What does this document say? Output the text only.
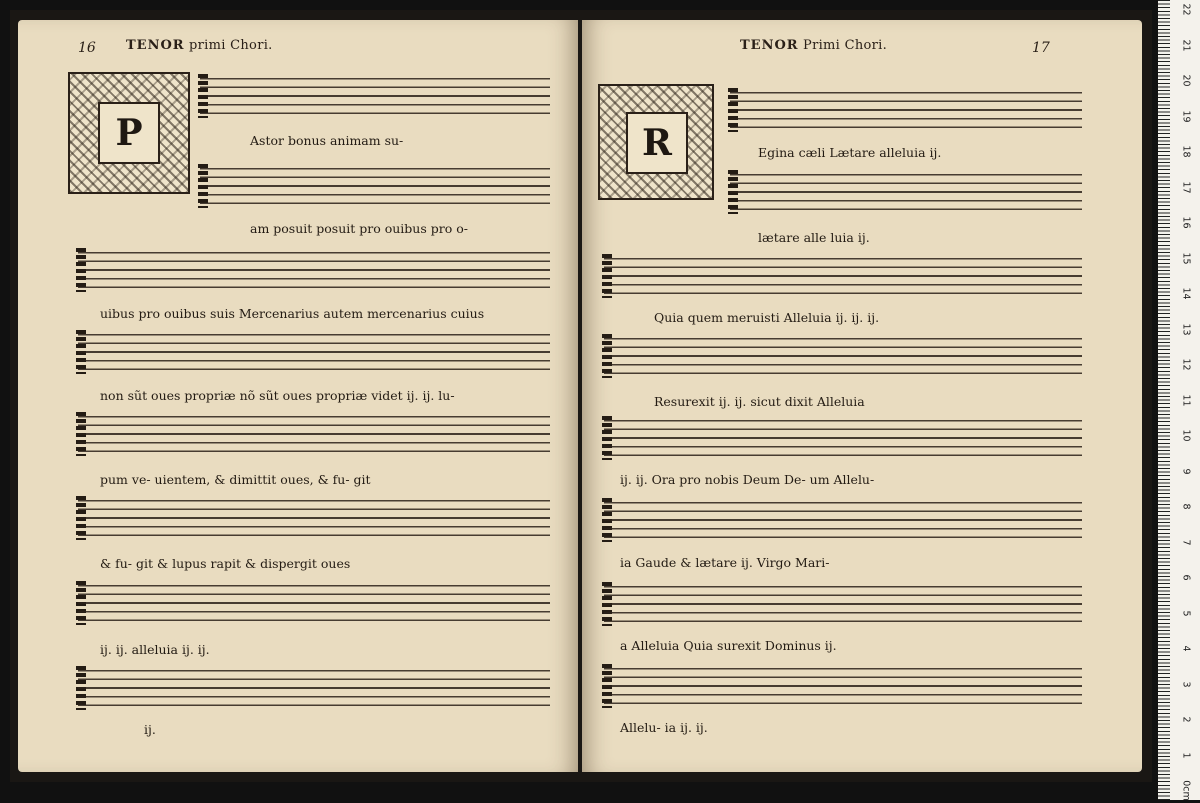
16 TENOR primi Chori.
P	Astor bonus animam su-
am posuit posuit pro ouibus pro o-
uibus pro ouibus suis Mercenarius autem mercenarius cuius
non sũt oues propriæ nõ sũt oues propriæ videt ij. ij. lu-
pum ve- uientem, & dimittit oues, & fu- git
& fu- git & lupus rapit & dispergit oues
ij. ij. alleluia ij. ij.
ij.
TENOR Primi Chori.	17
R	Egina cæli Lætare alleluia ij.
lætare alle luia ij.
Quia quem meruisti Alleluia ij. ij. ij.
Resurexit ij. ij. sicut dixit Alleluia
ij. ij. Ora pro nobis Deum De- um Allelu-
ia Gaude & lætare ij. Virgo Mari-
a Alleluia Quia surexit Dominus ij.
Allelu- ia ij. ij.
22
21
20
19
18
17
16
15
14
13
12
11
10
9
8
7
6
5
4
3
2
1
0cm
